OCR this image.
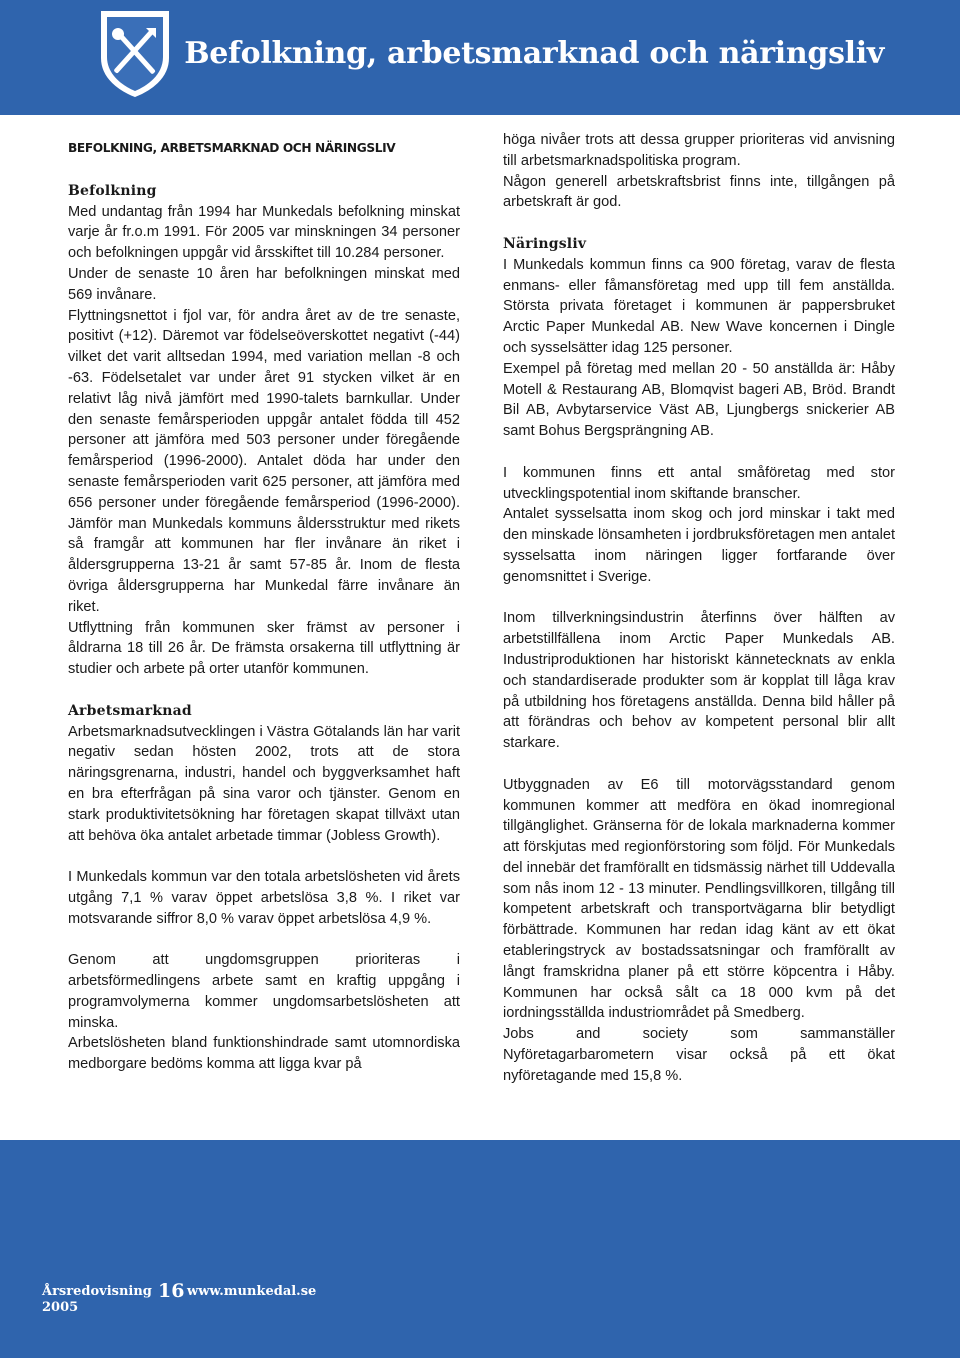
Befolkning, arbetsmarknad och näringsliv
BEFOLKNING, ARBETSMARKNAD OCH NÄRINGSLIV
Befolkning

Med undantag från 1994 har Munkedals befolkning minskat varje år fr.o.m 1991. För 2005 var minskningen 34 personer och befolkningen uppgår vid årsskiftet till 10.284 personer.

Under de senaste 10 åren har befolkningen minskat med 569 invånare.

Flyttningsnettot i fjol var, för andra året av de tre senaste, positivt (+12). Däremot var födelseöverskottet negativt (-44) vilket det varit alltsedan 1994, med variation mellan -8 och -63. Födelsetalet var under året 91 stycken vilket är en relativt låg nivå jämfört med 1990-talets barnkullar. Under den senaste femårsperioden uppgår antalet födda till 452 personer att jämföra med 503 personer under föregående femårsperiod (1996-2000). Antalet döda har under den senaste femårsperioden varit 625 personer, att jämföra med 656 personer under föregående femårsperiod (1996-2000). Jämför man Munkedals kommuns åldersstruktur med rikets så framgår att kommunen har fler invånare än riket i åldersgrupperna 13-21 år samt 57-85 år. Inom de flesta övriga åldersgrupperna har Munkedal färre invånare än riket.

Utflyttning från kommunen sker främst av personer i åldrarna 18 till 26 år. De främsta orsakerna till utflyttning är studier och arbete på orter utanför kommunen.

Arbetsmarknad

Arbetsmarknadsutvecklingen i Västra Götalands län har varit negativ sedan hösten 2002, trots att de stora näringsgrenarna, industri, handel och byggverksamhet haft en bra efterfrågan på sina varor och tjänster. Genom en stark produktivitetsökning har företagen skapat tillväxt utan att behöva öka antalet arbetade timmar (Jobless Growth).

I Munkedals kommun var den totala arbetslösheten vid årets utgång 7,1 % varav öppet arbetslösa 3,8 %. I riket var motsvarande siffror 8,0 % varav öppet arbetslösa 4,9 %.

Genom att ungdomsgruppen prioriteras i arbetsförmedlingens arbete samt en kraftig uppgång i programvolymerna kommer ungdomsarbetslösheten att minska.

Arbetslösheten bland funktionshindrade samt utomnordiska medborgare bedöms komma att ligga kvar på

höga nivåer trots att dessa grupper prioriteras vid anvisning till arbetsmarknadspolitiska program.

Någon generell arbetskraftsbrist finns inte, tillgången på arbetskraft är god.

Näringsliv

I Munkedals kommun finns ca 900 företag, varav de flesta enmans- eller fåmansföretag med upp till fem anställda. Största privata företaget i kommunen är pappersbruket Arctic Paper Munkedal AB. New Wave koncernen i Dingle och sysselsätter idag 125 personer.

Exempel på företag med mellan 20 - 50 anställda är: Håby Motell & Restaurang AB, Blomqvist bageri AB, Bröd. Brandt Bil AB, Avbytarservice Väst AB, Ljungbergs snickerier AB samt Bohus Bergsprängning AB.

I kommunen finns ett antal småföretag med stor utvecklingspotential inom skiftande branscher.

Antalet sysselsatta inom skog och jord minskar i takt med den minskade lönsamheten i jordbruksföretagen men antalet sysselsatta inom näringen ligger fortfarande över genomsnittet i Sverige.

Inom tillverkningsindustrin återfinns över hälften av arbetstillfällena inom Arctic Paper Munkedals AB. Industriproduktionen har historiskt kännetecknats av enkla och standardiserade produkter som är kopplat till låga krav på utbildning hos företagens anställda. Denna bild håller på att förändras och behov av kompetent personal blir allt starkare.

Utbyggnaden av E6 till motorvägsstandard genom kommunen kommer att medföra en ökad inomregional tillgänglighet. Gränserna för de lokala marknaderna kommer att förskjutas med regionförstoring som följd. För Munkedals del innebär det framförallt en tidsmässig närhet till Uddevalla som nås inom 12 - 13 minuter. Pendlingsvillkoren, tillgång till kompetent arbetskraft och transportvägarna blir betydligt förbättrade. Kommunen har redan idag känt av ett ökat etableringstryck av bostadssatsningar och framförallt av långt framskridna planer på ett större köpcentra i Håby. Kommunen har också sålt ca 18 000 kvm på det iordningsställda industriområdet på Smedberg.

Jobs and society som sammanställer Nyföretagarbarometern visar också på ett ökat nyföretagande med 15,8 %.

Årsredovisning
2005
16 www.munkedal.se
